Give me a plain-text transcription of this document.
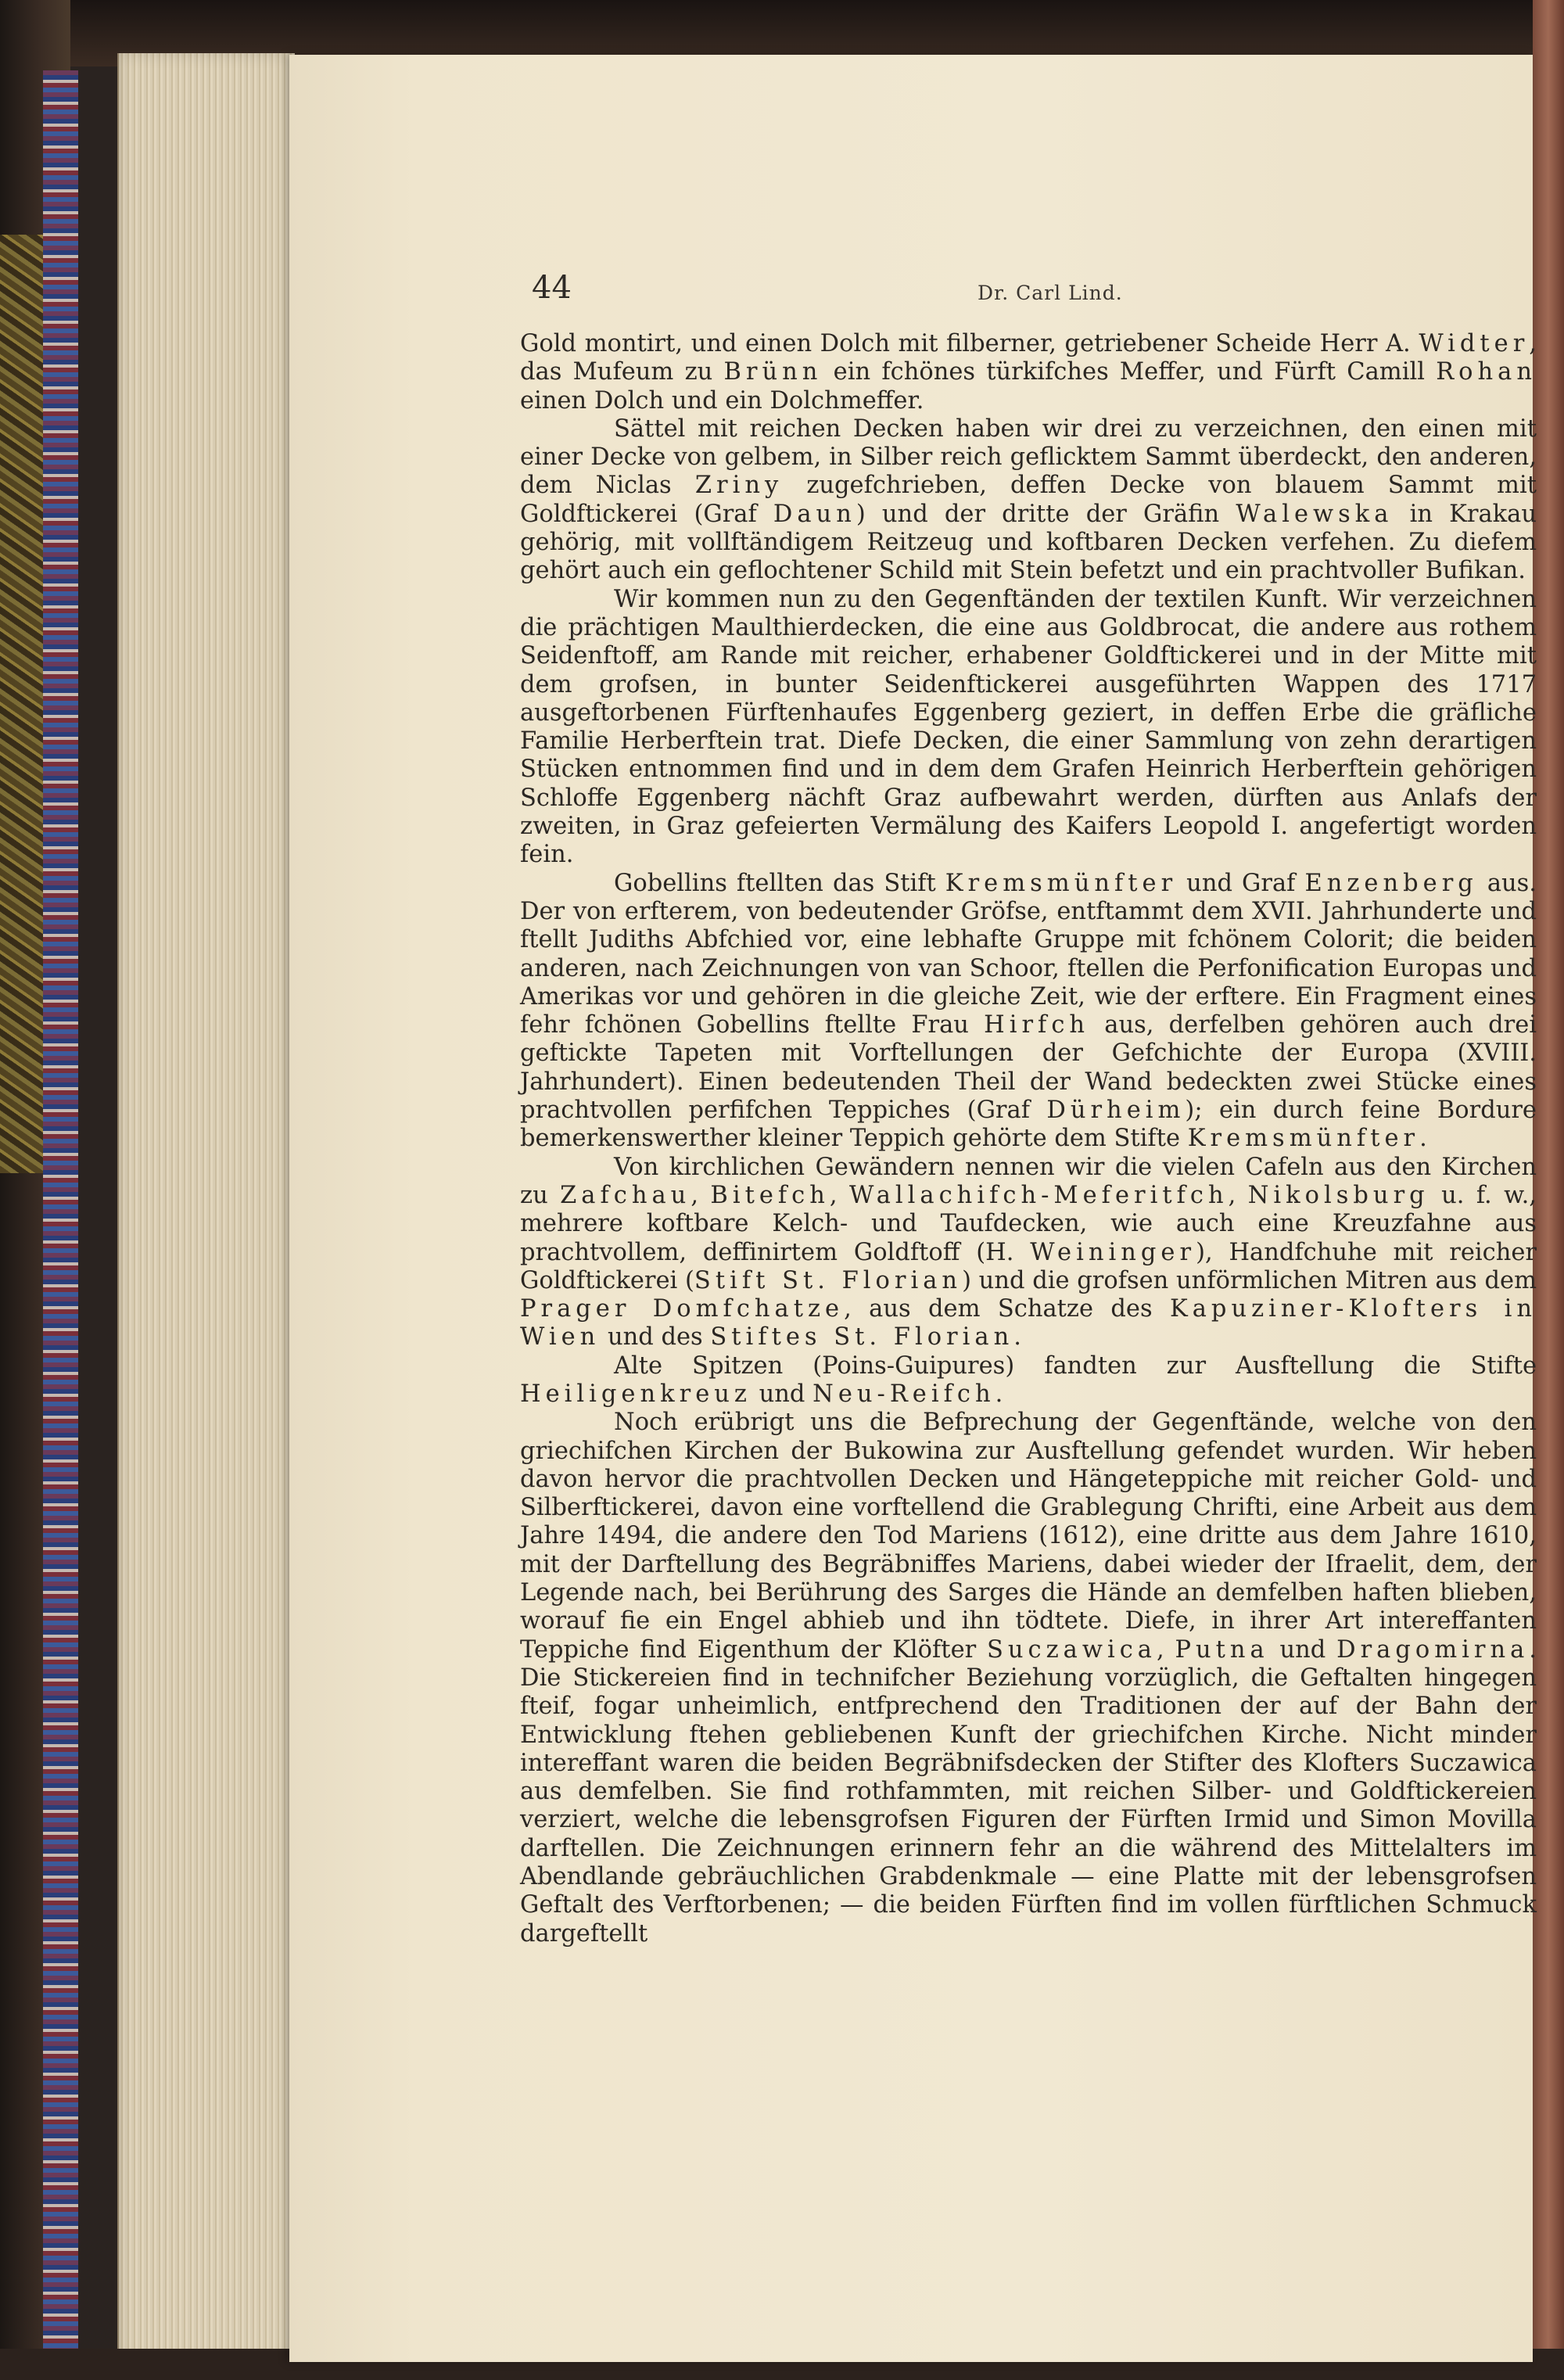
44	Dr. Carl Lind.

Gold montirt, und einen Dolch mit filberner, getriebener Scheide Herr A. Widter, das Mufeum zu Brünn ein fchönes türkifches Meffer, und Fürft Camill Rohan einen Dolch und ein Dolchmeffer.

Sättel mit reichen Decken haben wir drei zu verzeichnen, den einen mit einer Decke von gelbem, in Silber reich geflicktem Sammt überdeckt, den anderen, dem Niclas Zriny zugefchrieben, deffen Decke von blauem Sammt mit Goldftickerei (Graf Daun) und der dritte der Gräfin Walewska in Krakau gehörig, mit vollftändigem Reitzeug und koftbaren Decken verfehen. Zu diefem gehört auch ein geflochtener Schild mit Stein befetzt und ein prachtvoller Bufikan.

Wir kommen nun zu den Gegenftänden der textilen Kunft. Wir verzeichnen die prächtigen Maulthierdecken, die eine aus Goldbrocat, die andere aus rothem Seidenftoff, am Rande mit reicher, erhabener Goldftickerei und in der Mitte mit dem grofsen, in bunter Seidenftickerei ausgeführten Wappen des 1717 ausgeftorbenen Fürftenhaufes Eggenberg geziert, in deffen Erbe die gräfliche Familie Herberftein trat. Diefe Decken, die einer Sammlung von zehn derartigen Stücken entnommen find und in dem dem Grafen Heinrich Herberftein gehörigen Schloffe Eggenberg nächft Graz aufbewahrt werden, dürften aus Anlafs der zweiten, in Graz gefeierten Vermälung des Kaifers Leopold I. angefertigt worden fein.

Gobellins ftellten das Stift Kremsmünfter und Graf Enzenberg aus. Der von erfterem, von bedeutender Gröfse, entftammt dem XVII. Jahrhunderte und ftellt Judiths Abfchied vor, eine lebhafte Gruppe mit fchönem Colorit; die beiden anderen, nach Zeichnungen von van Schoor, ftellen die Perfonification Europas und Amerikas vor und gehören in die gleiche Zeit, wie der erftere. Ein Fragment eines fehr fchönen Gobellins ftellte Frau Hirfch aus, derfelben gehören auch drei geftickte Tapeten mit Vorftellungen der Gefchichte der Europa (XVIII. Jahrhundert). Einen bedeutenden Theil der Wand bedeckten zwei Stücke eines prachtvollen perfifchen Teppiches (Graf Dürheim); ein durch feine Bordure bemerkenswerther kleiner Teppich gehörte dem Stifte Kremsmünfter.

Von kirchlichen Gewändern nennen wir die vielen Cafeln aus den Kirchen zu Zafchau, Bitefch, Wallachifch-Meferitfch, Nikolsburg u. f. w., mehrere koftbare Kelch- und Taufdecken, wie auch eine Kreuzfahne aus prachtvollem, deffinirtem Goldftoff (H. Weininger), Handfchuhe mit reicher Goldftickerei (Stift St. Florian) und die grofsen unförmlichen Mitren aus dem Prager Domfchatze, aus dem Schatze des Kapuziner-Klofters in Wien und des Stiftes St. Florian.

Alte Spitzen (Poins-Guipures) fandten zur Ausftellung die Stifte Heiligenkreuz und Neu-Reifch.

Noch erübrigt uns die Befprechung der Gegenftände, welche von den griechifchen Kirchen der Bukowina zur Ausftellung gefendet wurden. Wir heben davon hervor die prachtvollen Decken und Hängeteppiche mit reicher Gold- und Silberftickerei, davon eine vorftellend die Grablegung Chrifti, eine Arbeit aus dem Jahre 1494, die andere den Tod Mariens (1612), eine dritte aus dem Jahre 1610, mit der Darftellung des Begräbniffes Mariens, dabei wieder der Ifraelit, dem, der Legende nach, bei Berührung des Sarges die Hände an demfelben haften blieben, worauf fie ein Engel abhieb und ihn tödtete. Diefe, in ihrer Art intereffanten Teppiche find Eigenthum der Klöfter Suczawica, Putna und Dragomirna. Die Stickereien find in technifcher Beziehung vorzüglich, die Geftalten hingegen fteif, fogar unheimlich, entfprechend den Traditionen der auf der Bahn der Entwicklung ftehen gebliebenen Kunft der griechifchen Kirche. Nicht minder intereffant waren die beiden Begräbnifsdecken der Stifter des Klofters Suczawica aus demfelben. Sie find rothfammten, mit reichen Silber- und Goldftickereien verziert, welche die lebensgrofsen Figuren der Fürften Irmid und Simon Movilla darftellen. Die Zeichnungen erinnern fehr an die während des Mittelalters im Abendlande gebräuchlichen Grabdenkmale — eine Platte mit der lebensgrofsen Geftalt des Verftorbenen; — die beiden Fürften find im vollen fürftlichen Schmuck dargeftellt
